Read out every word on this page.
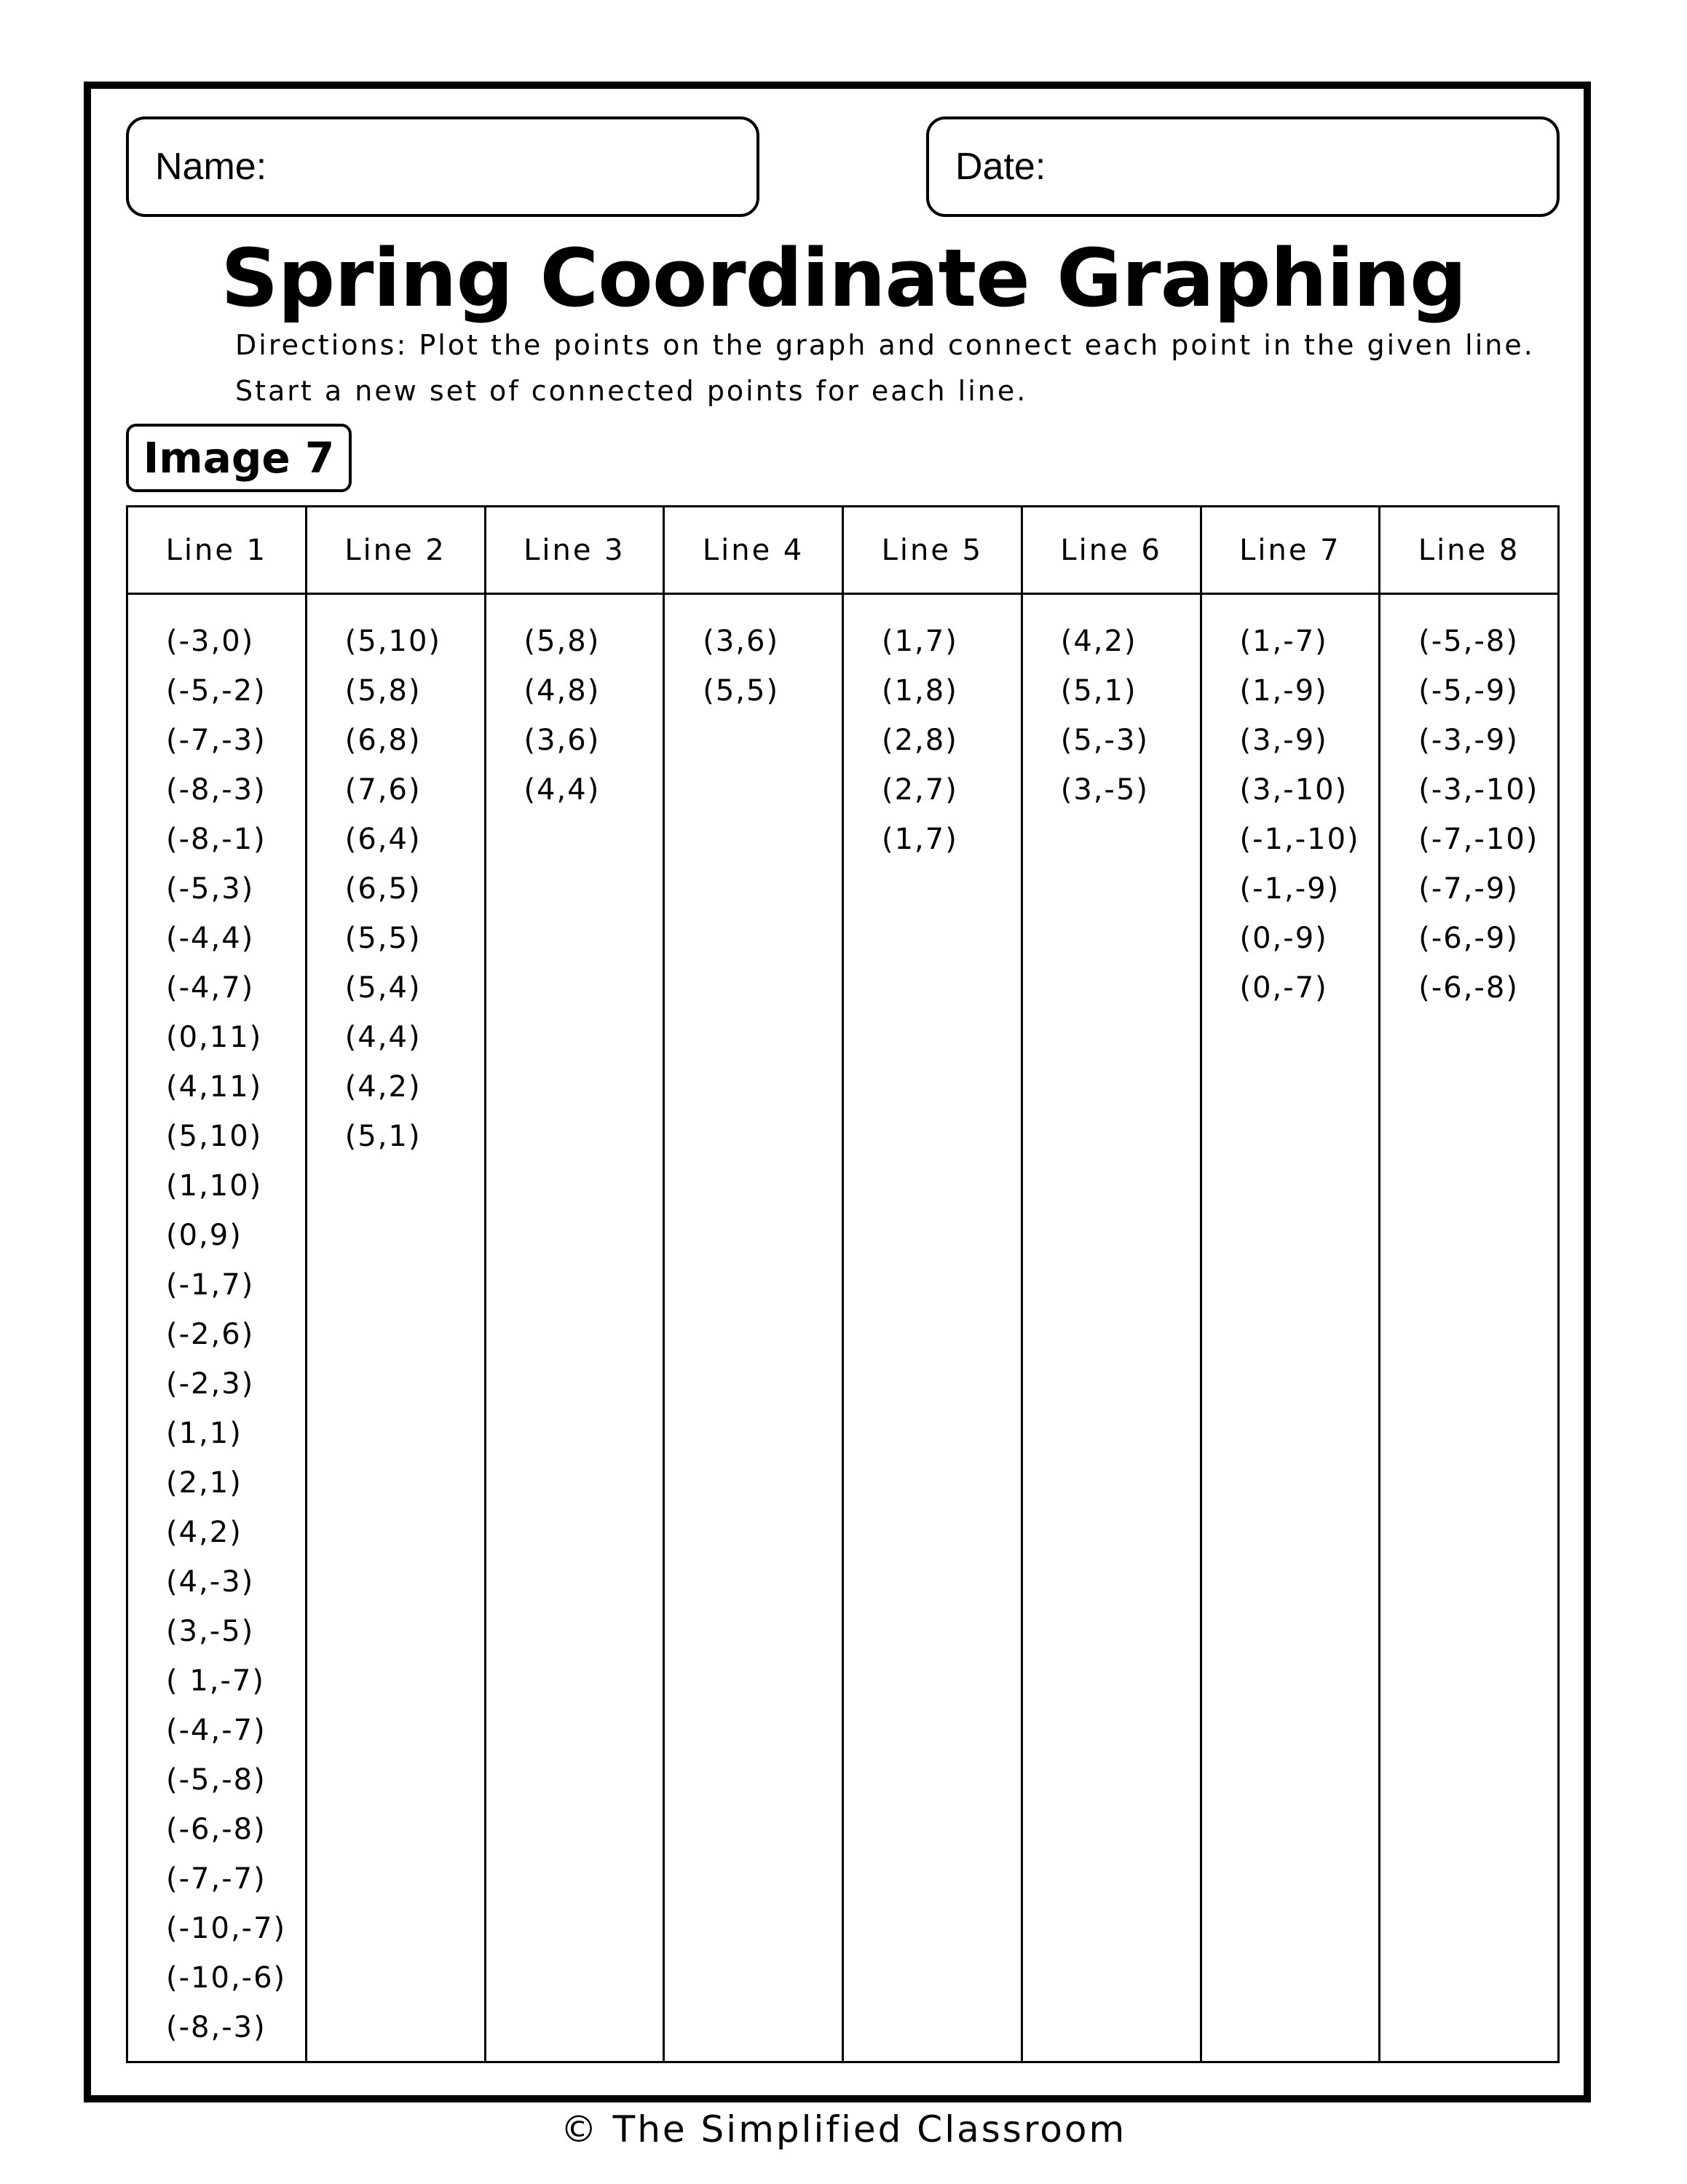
Name:	Date:
Spring Coordinate Graphing
Directions: Plot the points on the graph and connect each point in the given line.
Start a new set of connected points for each line.
Image 7
Line 1
(-3,0)
(-5,-2)
(-7,-3)
(-8,-3)
(-8,-1)
(-5,3)
(-4,4)
(-4,7)
(0,11)
(4,11)
(5,10)
(1,10)
(0,9)
(-1,7)
(-2,6)
(-2,3)
(1,1)
(2,1)
(4,2)
(4,-3)
(3,-5)
( 1,-7)
(-4,-7)
(-5,-8)
(-6,-8)
(-7,-7)
(-10,-7)
(-10,-6)
(-8,-3)
Line 2
(5,10)
(5,8)
(6,8)
(7,6)
(6,4)
(6,5)
(5,5)
(5,4)
(4,4)
(4,2)
(5,1)
Line 3
(5,8)
(4,8)
(3,6)
(4,4)
Line 4
(3,6)
(5,5)
Line 5
(1,7)
(1,8)
(2,8)
(2,7)
(1,7)
Line 6
(4,2)
(5,1)
(5,-3)
(3,-5)
Line 7
(1,-7)
(1,-9)
(3,-9)
(3,-10)
(-1,-10)
(-1,-9)
(0,-9)
(0,-7)
Line 8
(-5,-8)
(-5,-9)
(-3,-9)
(-3,-10)
(-7,-10)
(-7,-9)
(-6,-9)
(-6,-8)
© The Simplified Classroom
